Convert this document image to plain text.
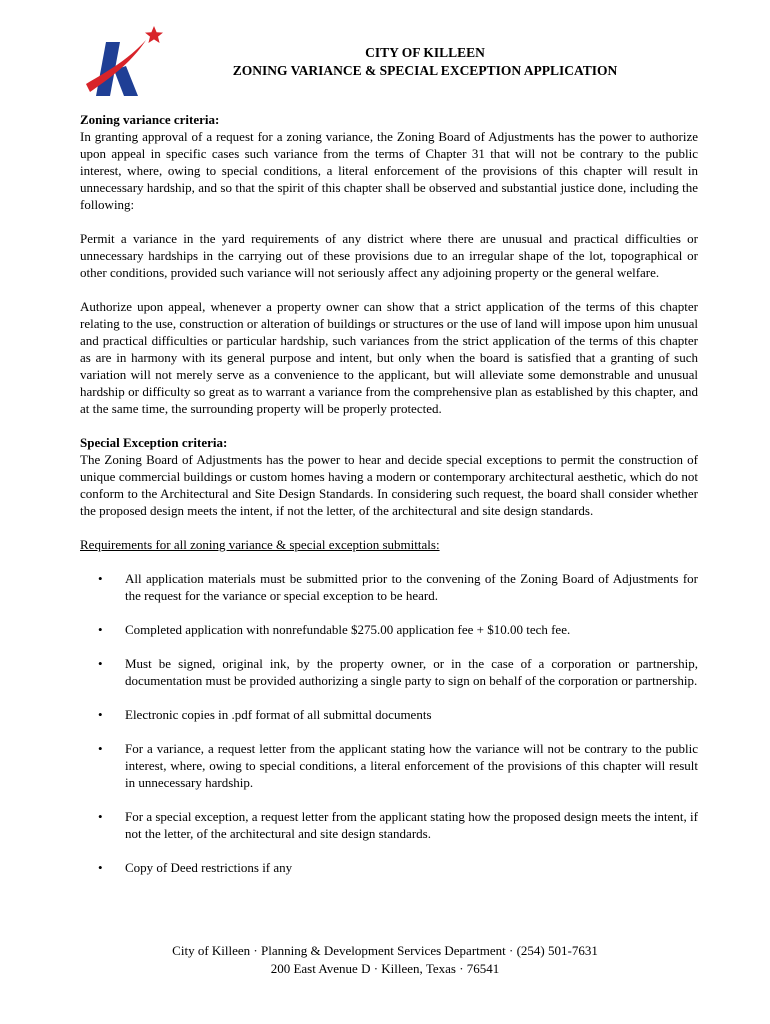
CITY OF KILLEEN
ZONING VARIANCE & SPECIAL EXCEPTION APPLICATION

Zoning variance criteria:

In granting approval of a request for a zoning variance, the Zoning Board of Adjustments has the power to authorize upon appeal in specific cases such variance from the terms of Chapter 31 that will not be contrary to the public interest, where, owing to special conditions, a literal enforcement of the provisions of this chapter will result in unnecessary hardship, and so that the spirit of this chapter shall be observed and substantial justice done, including the following:

Permit a variance in the yard requirements of any district where there are unusual and practical difficulties or unnecessary hardships in the carrying out of these provisions due to an irregular shape of the lot, topographical or other conditions, provided such variance will not seriously affect any adjoining property or the general welfare.

Authorize upon appeal, whenever a property owner can show that a strict application of the terms of this chapter relating to the use, construction or alteration of buildings or structures or the use of land will impose upon him unusual and practical difficulties or particular hardship, such variances from the strict application of the terms of this chapter as are in harmony with its general purpose and intent, but only when the board is satisfied that a granting of such variation will not merely serve as a convenience to the applicant, but will alleviate some demonstrable and unusual hardship or difficulty so great as to warrant a variance from the comprehensive plan as established by this chapter, and at the same time, the surrounding property will be properly protected.

Special Exception criteria:

The Zoning Board of Adjustments has the power to hear and decide special exceptions to permit the construction of unique commercial buildings or custom homes having a modern or contemporary architectural aesthetic, which do not conform to the Architectural and Site Design Standards. In considering such request, the board shall consider whether the proposed design meets the intent, if not the letter, of the architectural and site design standards.

Requirements for all zoning variance & special exception submittals:

• All application materials must be submitted prior to the convening of the Zoning Board of Adjustments for the request for the variance or special exception to be heard.
• Completed application with nonrefundable $275.00 application fee + $10.00 tech fee.
• Must be signed, original ink, by the property owner, or in the case of a corporation or partnership, documentation must be provided authorizing a single party to sign on behalf of the corporation or partnership.
• Electronic copies in .pdf format of all submittal documents
• For a variance, a request letter from the applicant stating how the variance will not be contrary to the public interest, where, owing to special conditions, a literal enforcement of the provisions of this chapter will result in unnecessary hardship.
• For a special exception, a request letter from the applicant stating how the proposed design meets the intent, if not the letter, of the architectural and site design standards.
• Copy of Deed restrictions if any
City of Killeen · Planning & Development Services Department · (254) 501-7631
200 East Avenue D · Killeen, Texas · 76541
